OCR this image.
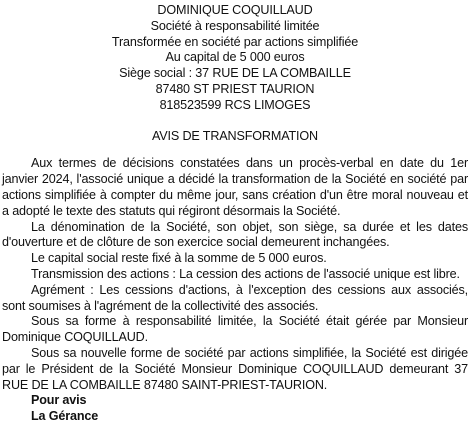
DOMINIQUE COQUILLAUD
Société à responsabilité limitée
Transformée en société par actions simplifiée
Au capital de 5 000 euros
Siège social : 37 RUE DE LA COMBAILLE
87480 ST PRIEST TAURION
818523599 RCS LIMOGES
AVIS DE TRANSFORMATION

Aux termes de décisions constatées dans un procès-verbal en date du 1er janvier 2024, l'associé unique a décidé la transformation de la Société en société par actions simplifiée à compter du même jour, sans création d'un être moral nouveau et a adopté le texte des statuts qui régiront désormais la Société.

La dénomination de la Société, son objet, son siège, sa durée et les dates d'ouverture et de clôture de son exercice social demeurent inchangées.

Le capital social reste fixé à la somme de 5 000 euros.

Transmission des actions : La cession des actions de l'associé unique est libre.

Agrément : Les cessions d'actions, à l'exception des cessions aux associés, sont soumises à l'agrément de la collectivité des associés.

Sous sa forme à responsabilité limitée, la Société était gérée par Monsieur Dominique COQUILLAUD.

Sous sa nouvelle forme de société par actions simplifiée, la Société est dirigée par le Président de la Société Monsieur Dominique COQUILLAUD demeurant 37 RUE DE LA COMBAILLE 87480 SAINT-PRIEST-TAURION.

Pour avis

La Gérance
